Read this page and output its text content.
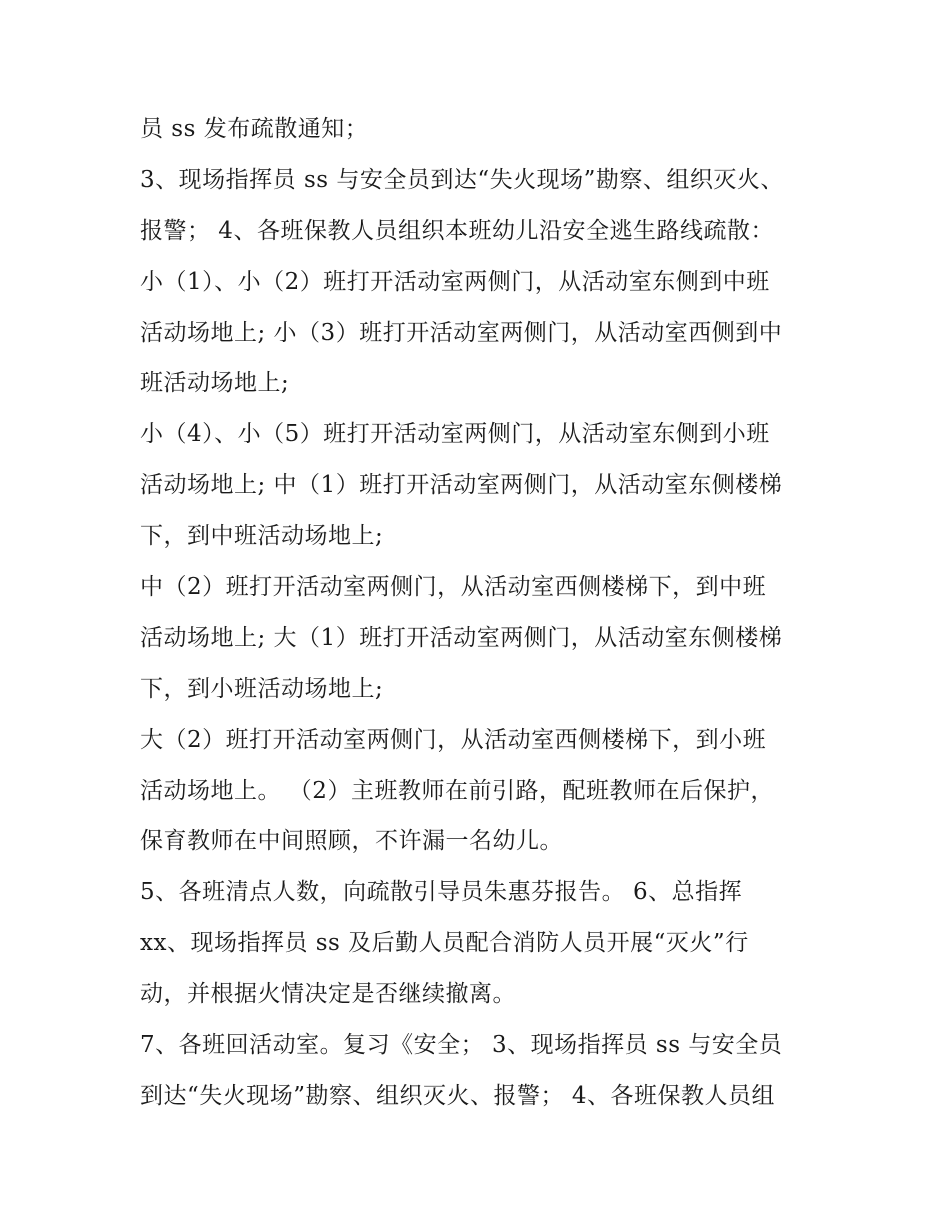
员 ss 发布疏散通知；
3、现场指挥员 ss 与安全员到达“失火现场”勘察、组织灭火、
报警； 4、各班保教人员组织本班幼儿沿安全逃生路线疏散：
小（1）、小（2）班打开活动室两侧门，从活动室东侧到中班
活动场地上; 小（3）班打开活动室两侧门，从活动室西侧到中
班活动场地上;
小（4）、小（5）班打开活动室两侧门，从活动室东侧到小班
活动场地上; 中（1）班打开活动室两侧门，从活动室东侧楼梯
下，到中班活动场地上;
中（2）班打开活动室两侧门，从活动室西侧楼梯下，到中班
活动场地上; 大（1）班打开活动室两侧门，从活动室东侧楼梯
下，到小班活动场地上;
大（2）班打开活动室两侧门，从活动室西侧楼梯下，到小班
活动场地上。 （2）主班教师在前引路，配班教师在后保护，
保育教师在中间照顾，不许漏一名幼儿。
5、各班清点人数，向疏散引导员朱惠芬报告。 6、总指挥
xx、现场指挥员 ss 及后勤人员配合消防人员开展“灭火”行
动，并根据火情决定是否继续撤离。
7、各班回活动室。复习《安全； 3、现场指挥员 ss 与安全员
到达“失火现场”勘察、组织灭火、报警； 4、各班保教人员组
